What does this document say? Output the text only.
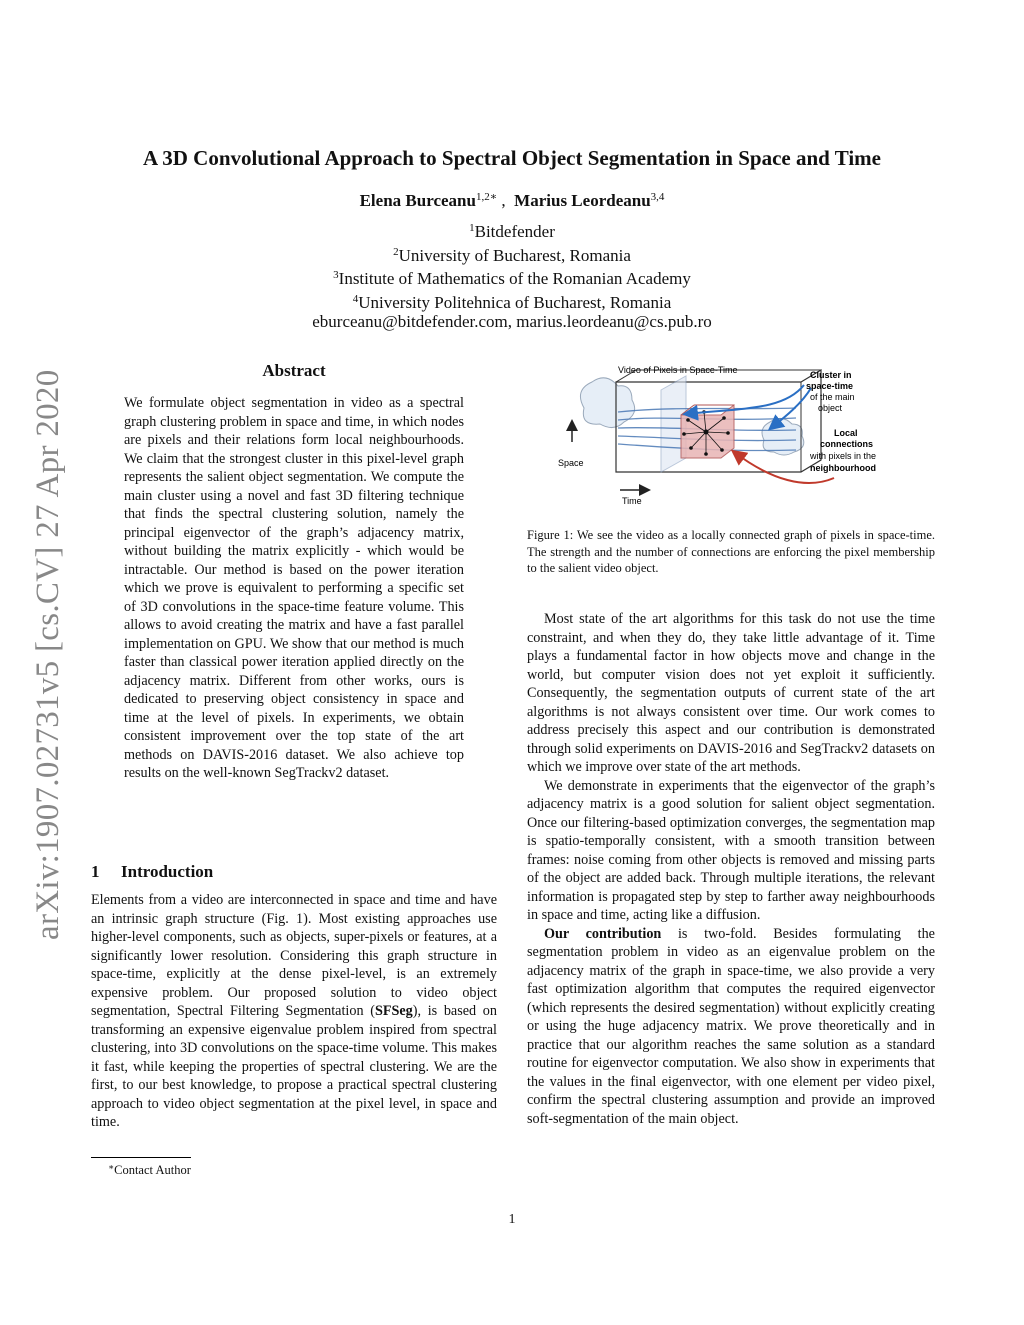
A 3D Convolutional Approach to Spectral Object Segmentation in Space and Time
Elena Burceanu$^{1,2∗}$ ,  Marius Leordeanu$^{3,4}$
$^1$Bitdefender
$^2$University of Bucharest, Romania
$^3$Institute of Mathematics of the Romanian Academy
$^4$University Politehnica of Bucharest, Romania
eburceanu@bitdefender.com, marius.leordeanu@cs.pub.ro
arXiv:1907.02731v5 [cs.CV] 27 Apr 2020	Abstract
We formulate object segmentation in video as a spectral graph clustering problem in space and time, in which nodes are pixels and their relations form local neighbourhoods. We claim that the strongest cluster in this pixel-level graph represents the salient object segmentation. We compute the main cluster using a novel and fast 3D filtering technique that finds the spectral clustering solution, namely the principal eigenvector of the graph’s adjacency matrix, without building the matrix explicitly - which would be intractable. Our method is based on the power iteration which we prove is equivalent to performing a specific set of 3D convolutions in the space-time feature volume. This allows to avoid creating the matrix and have a fast parallel implementation on GPU. We show that our method is much faster than classical power iteration applied directly on the adjacency matrix. Different from other works, ours is dedicated to preserving object consistency in space and time at the level of pixels. In experiments, we obtain consistent improvement over the top state of the art methods on DAVIS-2016 dataset. We also achieve top results on the well-known SegTrackv2 dataset.
1 Introduction
Elements from a video are interconnected in space and time and have an intrinsic graph structure (Fig. 1). Most existing approaches use higher-level components, such as objects, super-pixels or features, at a significantly lower resolution. Considering this graph structure in space-time, explicitly at the dense pixel-level, is an extremely expensive problem. Our proposed solution to video object segmentation, Spectral Filtering Segmentation (SFSeg), is based on transforming an expensive eigenvalue problem inspired from spectral clustering, into 3D convolutions on the space-time volume. This makes it fast, while keeping the properties of spectral clustering. We are the first, to our best knowledge, to propose a practical spectral clustering approach to video object segmentation at the pixel level, in space and time.
∗Contact Author
Video of Pixels in Space-Time	Cluster in
space-time
of the main
object
Local
connections
with pixels in the
neighbourhood
Space
Time
Figure 1: We see the video as a locally connected graph of pixels in space-time. The strength and the number of connections are enforcing the pixel membership to the salient video object.

Most state of the art algorithms for this task do not use the time constraint, and when they do, they take little advantage of it. Time plays a fundamental factor in how objects move and change in the world, but computer vision does not yet exploit it sufficiently. Consequently, the segmentation outputs of current state of the art algorithms is not always consistent over time. Our work comes to address precisely this aspect and our contribution is demonstrated through solid experiments on DAVIS-2016 and SegTrackv2 datasets on which we improve over state of the art methods.

We demonstrate in experiments that the eigenvector of the graph’s adjacency matrix is a good solution for salient object segmentation. Once our filtering-based optimization converges, the segmentation map is spatio-temporally consistent, with a smooth transition between frames: noise coming from other objects is removed and missing parts of the object are added back. Through multiple iterations, the relevant information is propagated step by step to farther away neighbourhoods in space and time, acting like a diffusion.

Our contribution is two-fold. Besides formulating the segmentation problem in video as an eigenvalue problem on the adjacency matrix of the graph in space-time, we also provide a very fast optimization algorithm that computes the required eigenvector (which represents the desired segmentation) without explicitly creating or using the huge adjacency matrix. We prove theoretically and in practice that our algorithm reaches the same solution as a standard routine for eigenvector computation. We also show in experiments that the values in the final eigenvector, with one element per video pixel, confirm the spectral clustering assumption and provide an improved soft-segmentation of the main object.

1
